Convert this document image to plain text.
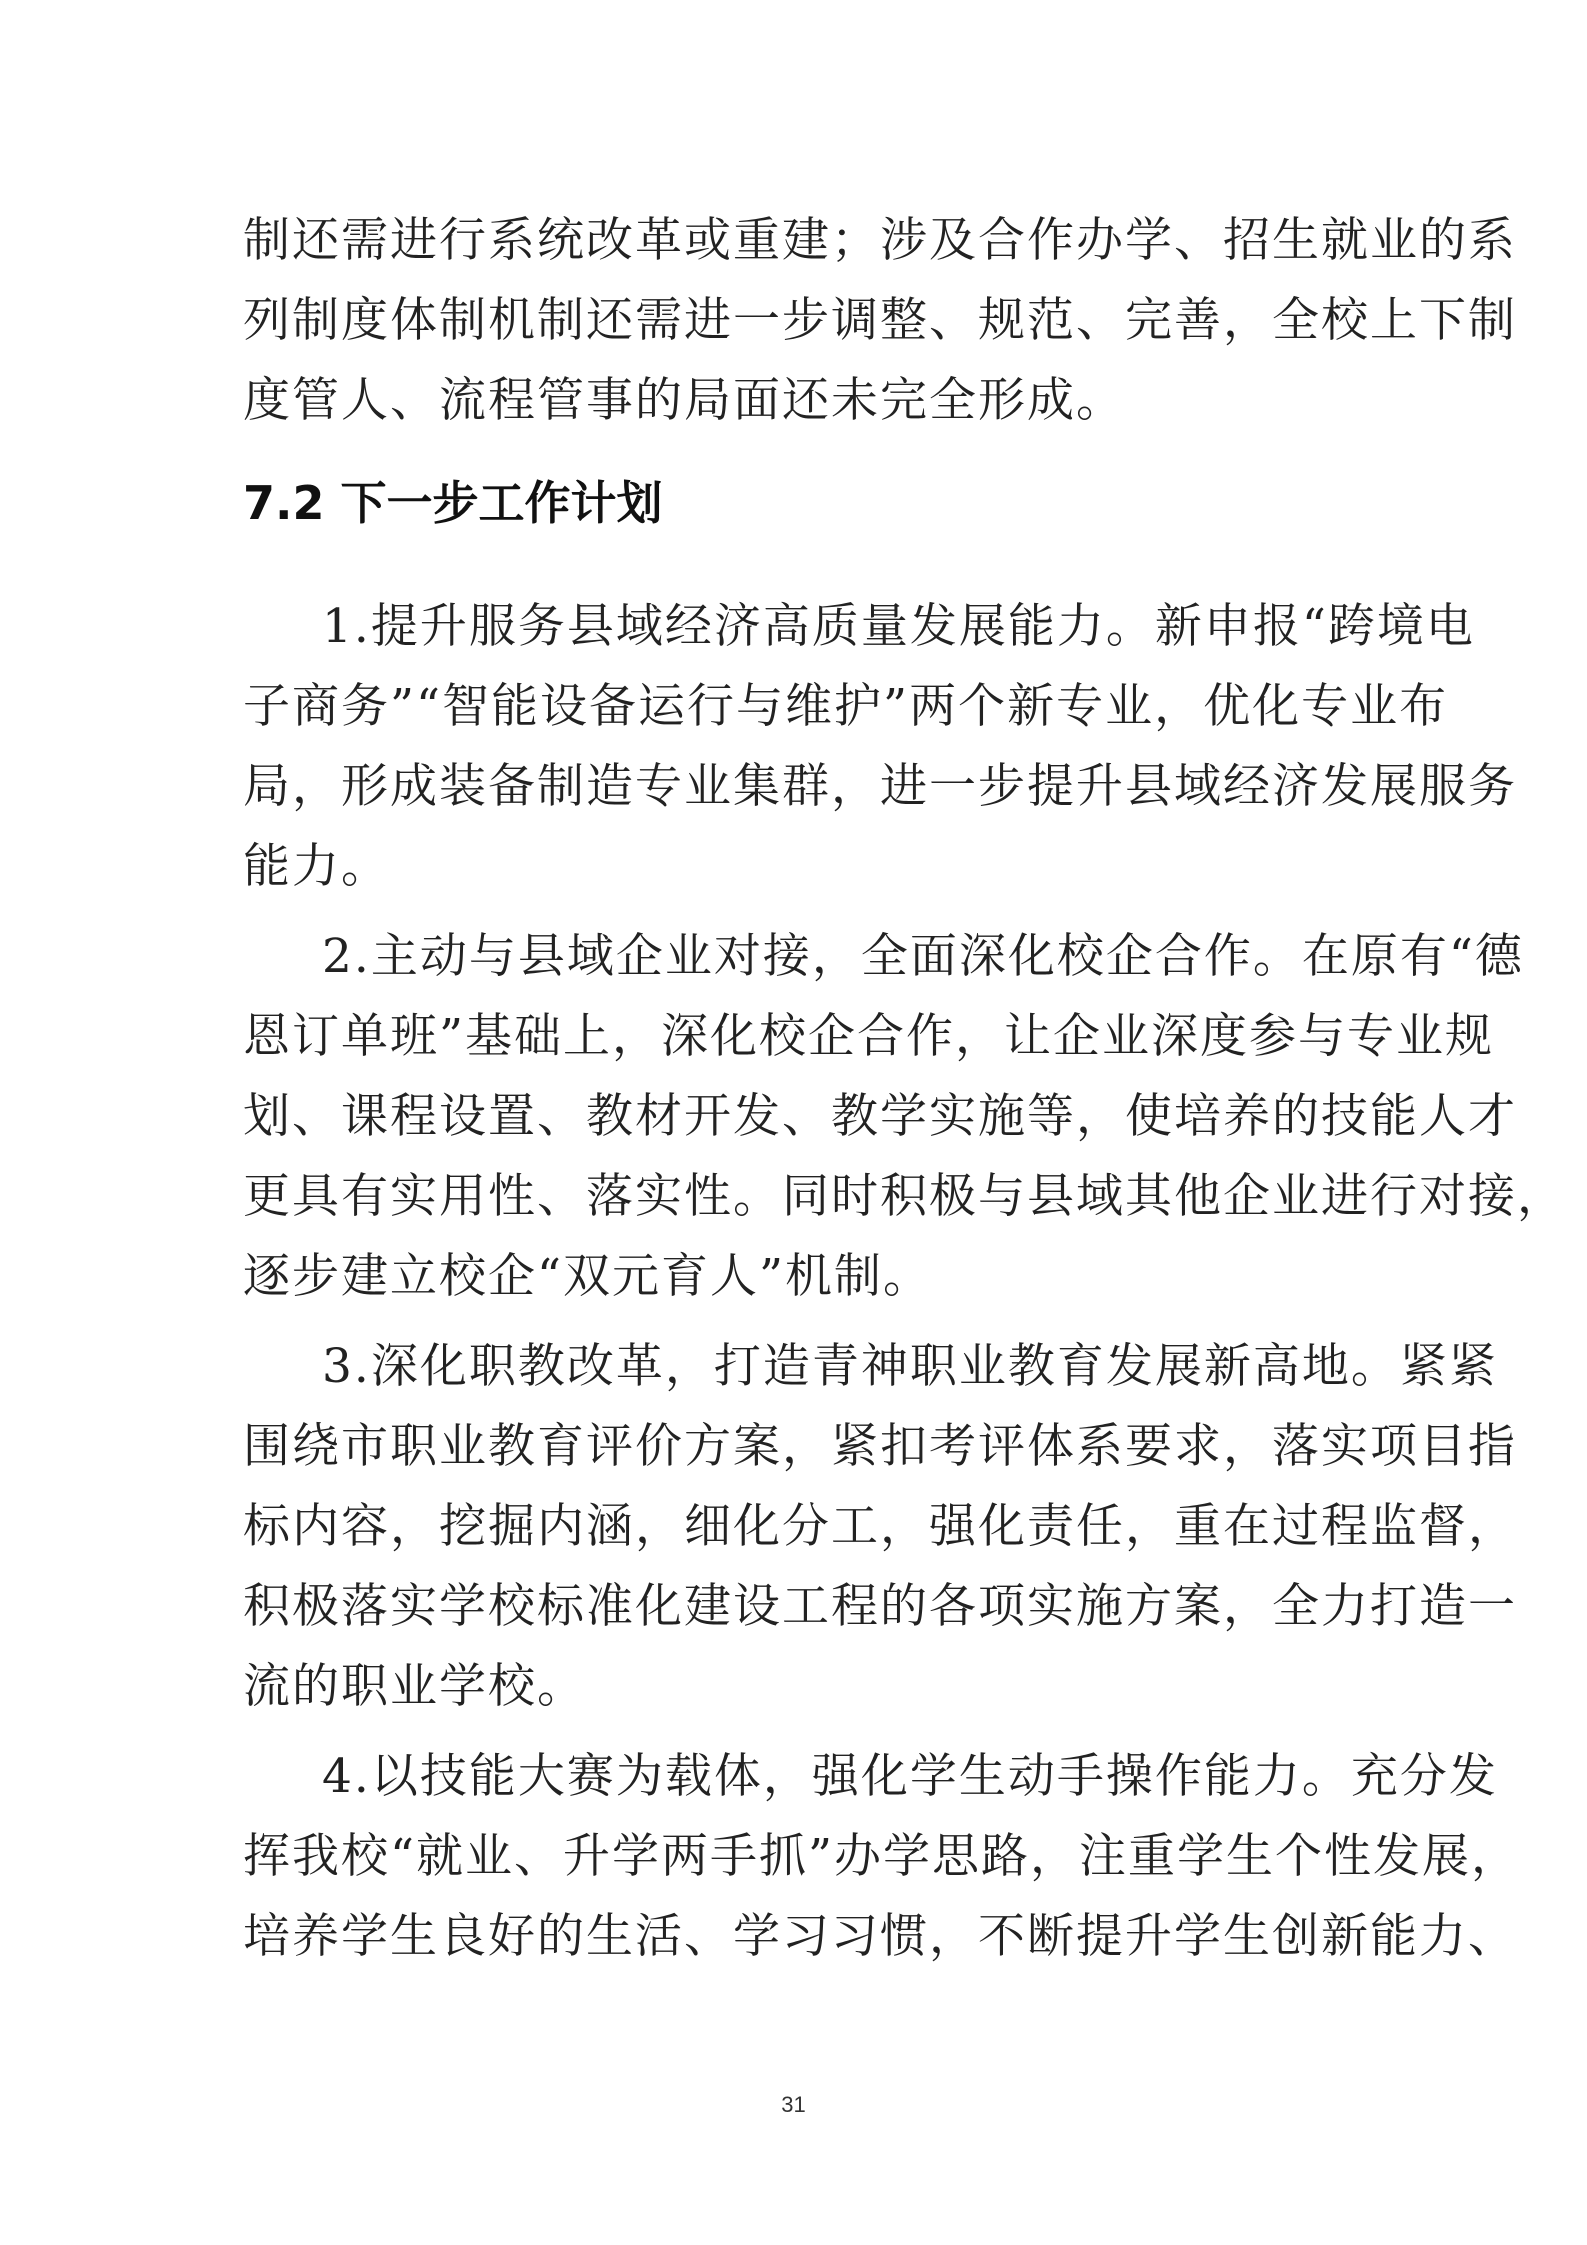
制还需进行系统改革或重建；涉及合作办学、招生就业的系
列制度体制机制还需进一步调整、规范、完善，全校上下制
度管人、流程管事的局面还未完全形成。
7.2 下一步工作计划
1.提升服务县域经济高质量发展能力。新申报“跨境电
子商务”“智能设备运行与维护”两个新专业，优化专业布
局，形成装备制造专业集群，进一步提升县域经济发展服务
能力。
2.主动与县域企业对接，全面深化校企合作。在原有“德
恩订单班”基础上，深化校企合作，让企业深度参与专业规
划、课程设置、教材开发、教学实施等，使培养的技能人才
更具有实用性、落实性。同时积极与县域其他企业进行对接，
逐步建立校企“双元育人”机制。
3.深化职教改革，打造青神职业教育发展新高地。紧紧
围绕市职业教育评价方案，紧扣考评体系要求，落实项目指
标内容，挖掘内涵，细化分工，强化责任，重在过程监督，
积极落实学校标准化建设工程的各项实施方案，全力打造一
流的职业学校。
4.以技能大赛为载体，强化学生动手操作能力。充分发
挥我校“就业、升学两手抓”办学思路，注重学生个性发展，
培养学生良好的生活、学习习惯，不断提升学生创新能力、
31
